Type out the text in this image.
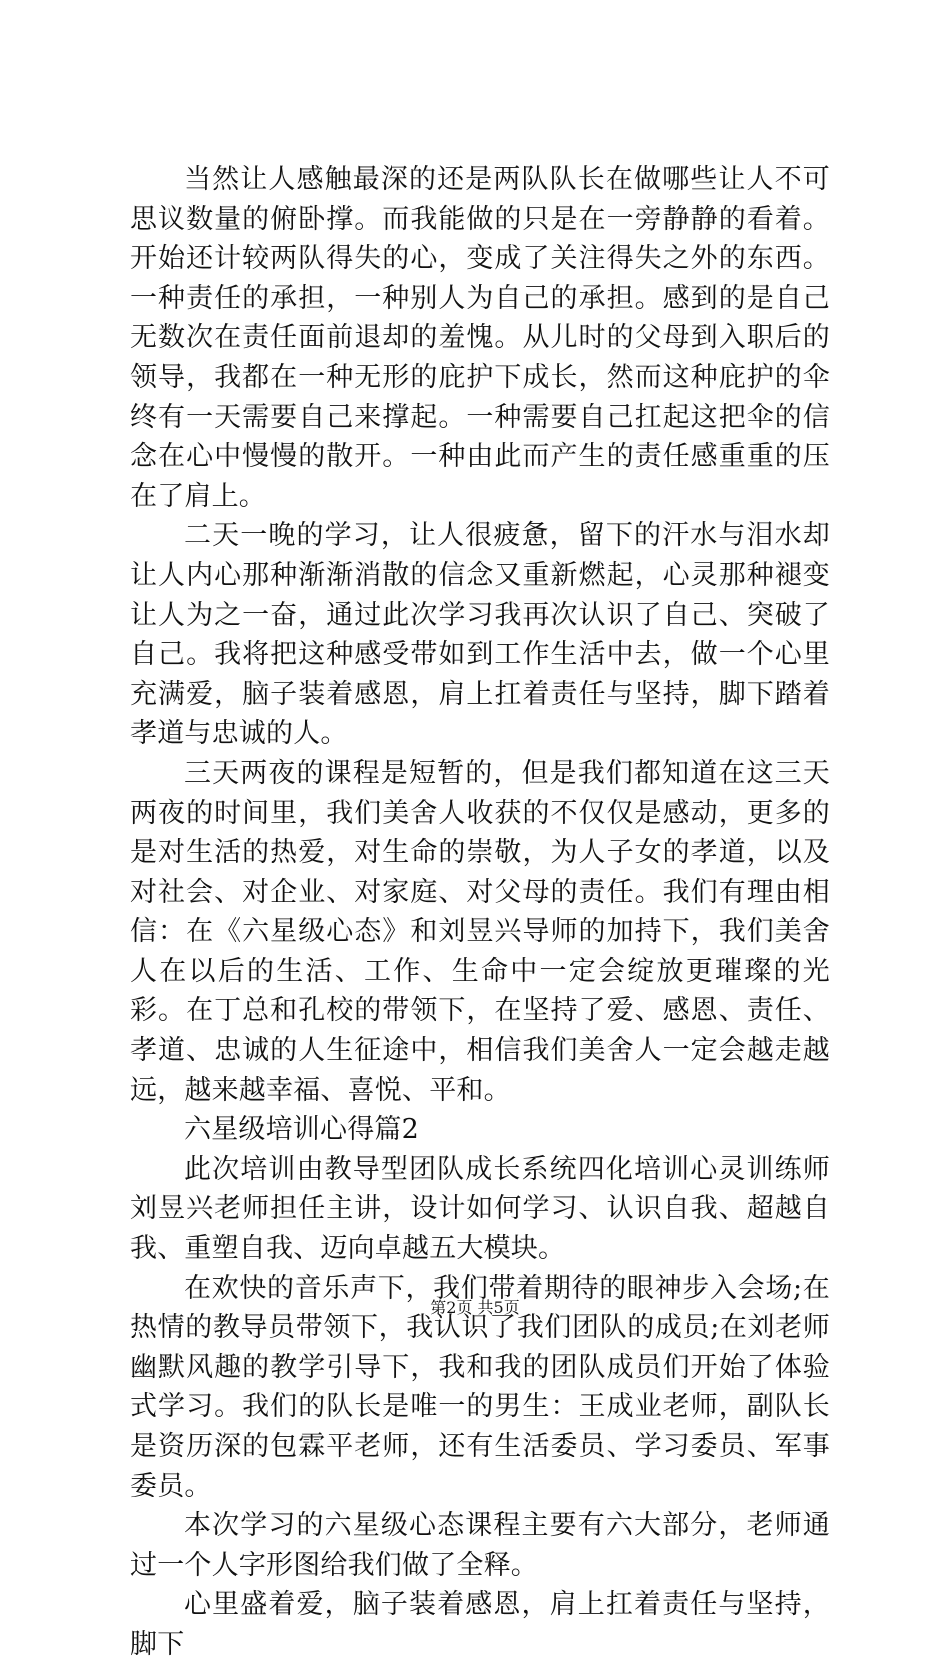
当然让人感触最深的还是两队队长在做哪些让人不可思议数量的俯卧撑。而我能做的只是在一旁静静的看着。开始还计较两队得失的心，变成了关注得失之外的东西。一种责任的承担，一种别人为自己的承担。感到的是自己无数次在责任面前退却的羞愧。从儿时的父母到入职后的领导，我都在一种无形的庇护下成长，然而这种庇护的伞终有一天需要自己来撑起。一种需要自己扛起这把伞的信念在心中慢慢的散开。一种由此而产生的责任感重重的压在了肩上。

二天一晚的学习，让人很疲惫，留下的汗水与泪水却让人内心那种渐渐消散的信念又重新燃起，心灵那种褪变让人为之一奋，通过此次学习我再次认识了自己、突破了自己。我将把这种感受带如到工作生活中去，做一个心里充满爱，脑子装着感恩，肩上扛着责任与坚持，脚下踏着孝道与忠诚的人。

三天两夜的课程是短暂的，但是我们都知道在这三天两夜的时间里，我们美舍人收获的不仅仅是感动，更多的是对生活的热爱，对生命的崇敬，为人子女的孝道，以及对社会、对企业、对家庭、对父母的责任。我们有理由相信：在《六星级心态》和刘昱兴导师的加持下，我们美舍人在以后的生活、工作、生命中一定会绽放更璀璨的光彩。在丁总和孔校的带领下，在坚持了爱、感恩、责任、孝道、忠诚的人生征途中，相信我们美舍人一定会越走越远，越来越幸福、喜悦、平和。

六星级培训心得篇2

此次培训由教导型团队成长系统四化培训心灵训练师刘昱兴老师担任主讲，设计如何学习、认识自我、超越自我、重塑自我、迈向卓越五大模块。

在欢快的音乐声下，我们带着期待的眼神步入会场;在热情的教导员带领下，我认识了我们团队的成员;在刘老师幽默风趣的教学引导下，我和我的团队成员们开始了体验式学习。我们的队长是唯一的男生：王成业老师，副队长是资历深的包霖平老师，还有生活委员、学习委员、军事委员。

本次学习的六星级心态课程主要有六大部分，老师通过一个人字形图给我们做了全释。

心里盛着爱，脑子装着感恩，肩上扛着责任与坚持，脚下

第2页 共5页
